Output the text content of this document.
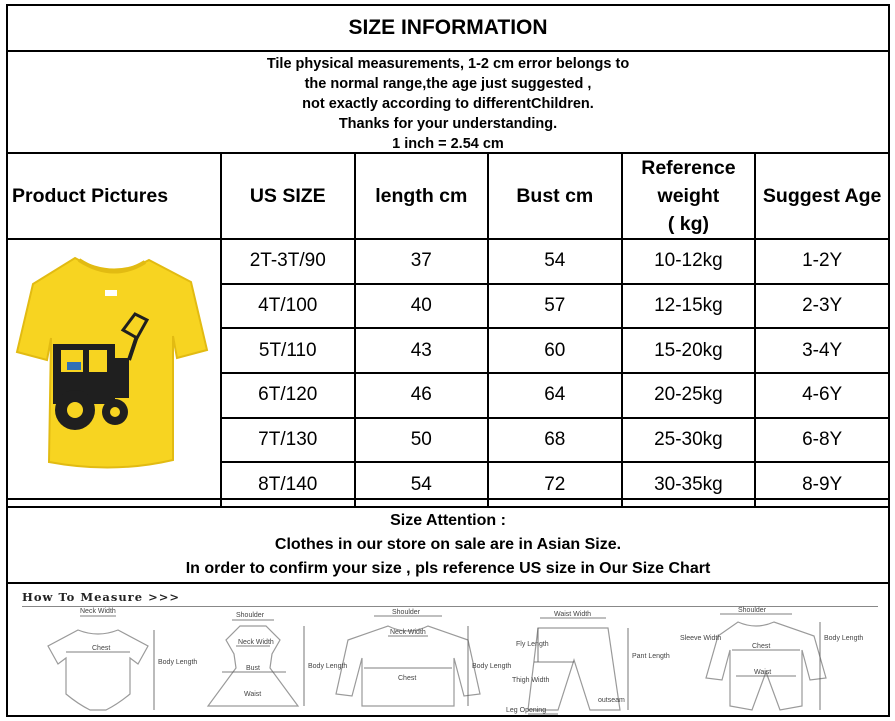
SIZE INFORMATION
Tile physical measurements, 1-2 cm error belongs to
the normal range,the age just suggested ,
not exactly according to differentChildren.
Thanks for your understanding.
1 inch = 2.54 cm
Product Pictures	US SIZE	length cm	Bust cm	Reference
weight
( kg)	Suggest Age
	2T-3T/90	37	54	10-12kg	1-2Y
	4T/100	40	57	12-15kg	2-3Y
	5T/110	43	60	15-20kg	3-4Y
	6T/120	46	64	20-25kg	4-6Y
	7T/130	50	68	25-30kg	6-8Y
	8T/140	54	72	30-35kg	8-9Y
Size Attention :
Clothes in our store on sale are in Asian Size.
In order to confirm your size , pls reference US size in Our Size Chart
How To Measure >>>
Neck Width
Chest
Body Length
Shoulder
Neck Width
Bust
Waist
Body Length
Shoulder
Neck Width
Chest
Body Length
Waist Width
Fly Length
Thigh Width
Pant Length
Leg Opening
outseam
Shoulder
Sleeve Width
Chest
Waist
Body Length
